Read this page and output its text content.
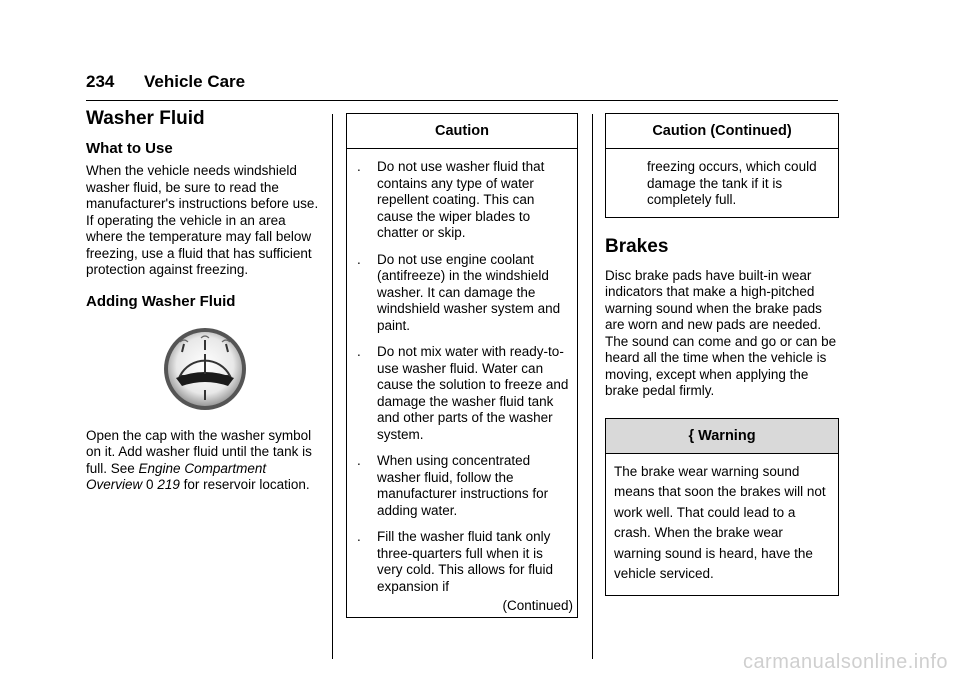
234 Vehicle Care
Washer Fluid
What to Use

When the vehicle needs windshield washer fluid, be sure to read the manufacturer's instructions before use. If operating the vehicle in an area where the temperature may fall below freezing, use a fluid that has sufficient protection against freezing.

Adding Washer Fluid

Open the cap with the washer symbol on it. Add washer fluid until the tank is full. See Engine Compartment Overview 0 219 for reservoir location.

Caution
.	Do not use washer fluid that contains any type of water repellent coating. This can cause the wiper blades to chatter or skip.
.	Do not use engine coolant (antifreeze) in the windshield washer. It can damage the windshield washer system and paint.
.	Do not mix water with ready-to-use washer fluid. Water can cause the solution to freeze and damage the washer fluid tank and other parts of the washer system.
.	When using concentrated washer fluid, follow the manufacturer instructions for adding water.
.	Fill the washer fluid tank only three-quarters full when it is very cold. This allows for fluid expansion if
(Continued)
Caution (Continued)
freezing occurs, which could damage the tank if it is completely full.
Brakes

Disc brake pads have built-in wear indicators that make a high-pitched warning sound when the brake pads are worn and new pads are needed. The sound can come and go or can be heard all the time when the vehicle is moving, except when applying the brake pedal firmly.

{ Warning
The brake wear warning sound means that soon the brakes will not work well. That could lead to a crash. When the brake wear warning sound is heard, have the vehicle serviced.
carmanualsonline.info
